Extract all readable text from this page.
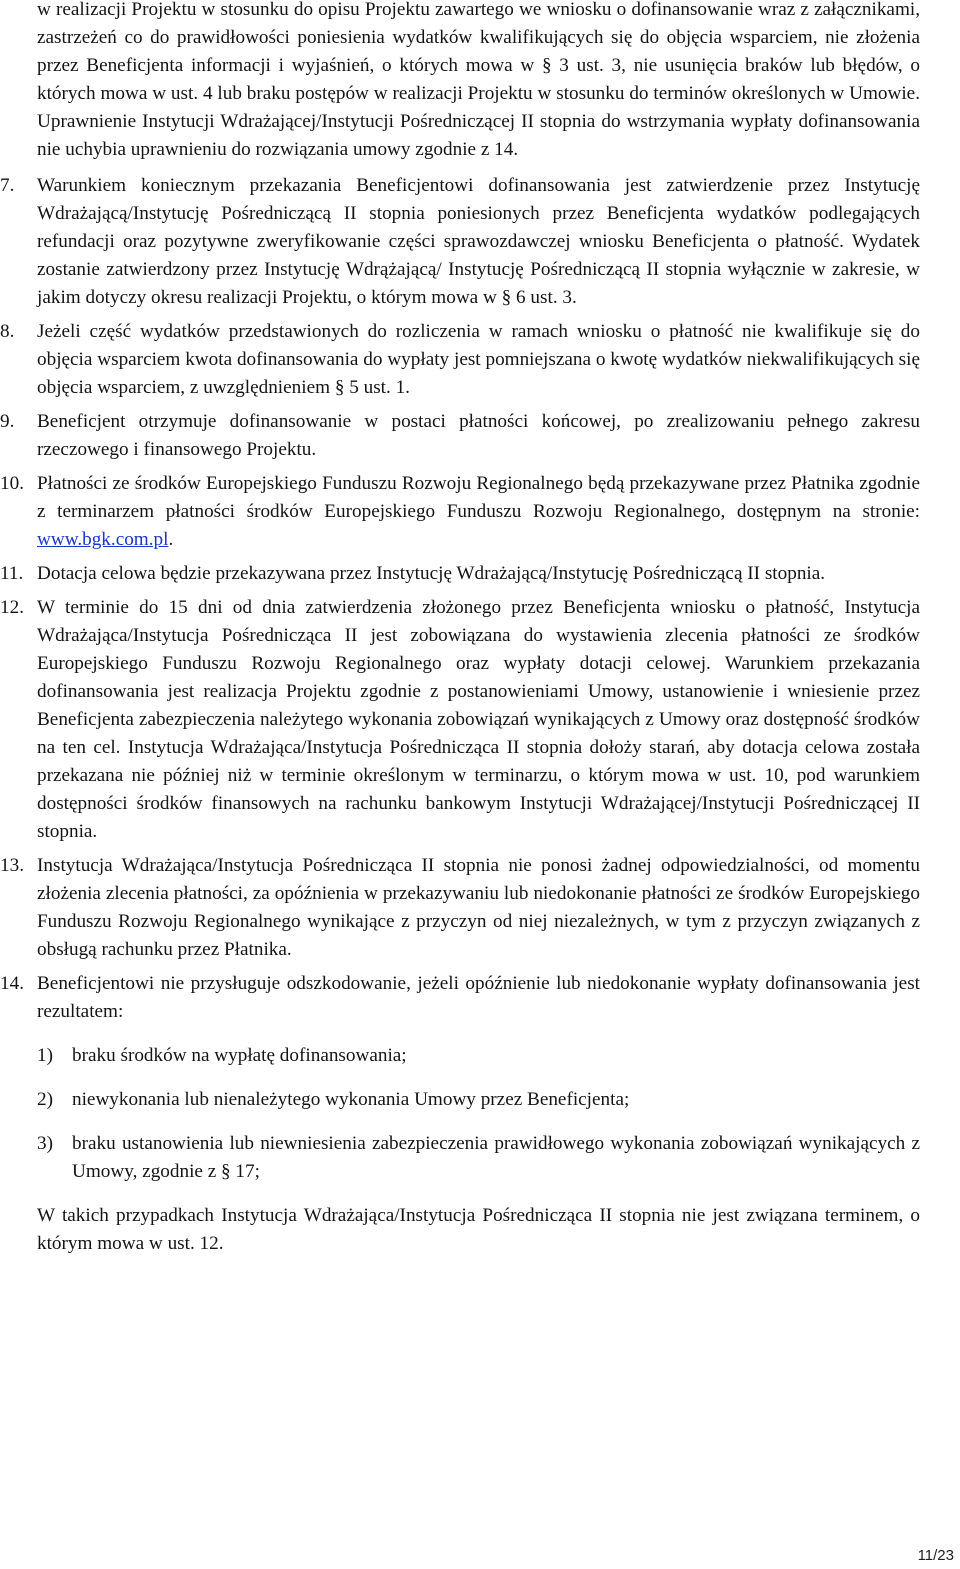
w realizacji Projektu w stosunku do opisu Projektu zawartego we wniosku o dofinansowanie wraz z załącznikami, zastrzeżeń co do prawidłowości poniesienia wydatków kwalifikujących się do objęcia wsparciem, nie złożenia przez Beneficjenta informacji i wyjaśnień, o których mowa w § 3 ust. 3, nie usunięcia braków lub błędów, o których mowa w ust. 4 lub braku postępów w realizacji Projektu w stosunku do terminów określonych w Umowie. Uprawnienie Instytucji Wdrażającej/Instytucji Pośredniczącej II stopnia do wstrzymania wypłaty dofinansowania nie uchybia uprawnieniu do rozwiązania umowy zgodnie z 14.

7.	Warunkiem koniecznym przekazania Beneficjentowi dofinansowania jest zatwierdzenie przez Instytucję Wdrażającą/Instytucję Pośredniczącą II stopnia poniesionych przez Beneficjenta wydatków podlegających refundacji oraz pozytywne zweryfikowanie części sprawozdawczej wniosku Beneficjenta o płatność. Wydatek zostanie zatwierdzony przez Instytucję Wdrążającą/ Instytucję Pośredniczącą II stopnia wyłącznie w zakresie, w jakim dotyczy okresu realizacji Projektu, o którym mowa w § 6 ust. 3.
8.	Jeżeli część wydatków przedstawionych do rozliczenia w ramach wniosku o płatność nie kwalifikuje się do objęcia wsparciem kwota dofinansowania do wypłaty jest pomniejszana o kwotę wydatków niekwalifikujących się objęcia wsparciem, z uwzględnieniem § 5 ust. 1.
9.	Beneficjent otrzymuje dofinansowanie w postaci płatności końcowej, po zrealizowaniu pełnego zakresu rzeczowego i finansowego Projektu.
10. Płatności ze środków Europejskiego Funduszu Rozwoju Regionalnego będą przekazywane przez Płatnika zgodnie z terminarzem płatności środków Europejskiego Funduszu Rozwoju Regionalnego, dostępnym na stronie: www.bgk.com.pl.
11. Dotacja celowa będzie przekazywana przez Instytucję Wdrażającą/Instytucję Pośredniczącą II stopnia.
12. W terminie do 15 dni od dnia zatwierdzenia złożonego przez Beneficjenta wniosku o płatność, Instytucja Wdrażająca/Instytucja Pośrednicząca II jest zobowiązana do wystawienia zlecenia płatności ze środków Europejskiego Funduszu Rozwoju Regionalnego oraz wypłaty dotacji celowej. Warunkiem przekazania dofinansowania jest realizacja Projektu zgodnie z postanowieniami Umowy, ustanowienie i wniesienie przez Beneficjenta zabezpieczenia należytego wykonania zobowiązań wynikających z Umowy oraz dostępność środków na ten cel. Instytucja Wdrażająca/Instytucja Pośrednicząca II stopnia dołoży starań, aby dotacja celowa została przekazana nie później niż w terminie określonym w terminarzu, o którym mowa w ust. 10, pod warunkiem dostępności środków finansowych na rachunku bankowym Instytucji Wdrażającej/Instytucji Pośredniczącej II stopnia.
13. Instytucja Wdrażająca/Instytucja Pośrednicząca II stopnia nie ponosi żadnej odpowiedzialności, od momentu złożenia zlecenia płatności, za opóźnienia w przekazywaniu lub niedokonanie płatności ze środków Europejskiego Funduszu Rozwoju Regionalnego wynikające z przyczyn od niej niezależnych, w tym z przyczyn związanych z obsługą rachunku przez Płatnika.
14. Beneficjentowi nie przysługuje odszkodowanie, jeżeli opóźnienie lub niedokonanie wypłaty dofinansowania jest rezultatem:
1) braku środków na wypłatę dofinansowania;
2) niewykonania lub nienależytego wykonania Umowy przez Beneficjenta;
3) braku ustanowienia lub niewniesienia zabezpieczenia prawidłowego wykonania zobowiązań wynikających z Umowy, zgodnie z § 17;

W takich przypadkach Instytucja Wdrażająca/Instytucja Pośrednicząca II stopnia nie jest związana terminem, o którym mowa w ust. 12.

11/23
